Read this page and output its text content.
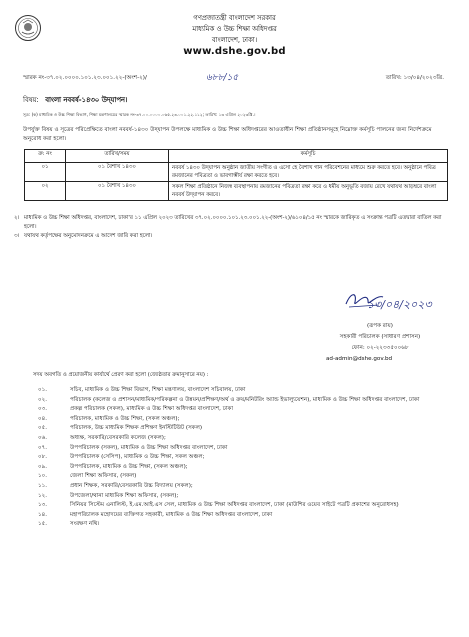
গণপ্রজাতন্ত্রী বাংলাদেশ সরকার
মাধ্যমিক ও উচ্চ শিক্ষা অধিদপ্তর
বাংলাদেশ, ঢাকা।
www.dshe.gov.bd
স্মারক নং-৩৭.০২.০০০০.১০১.২৩.০০১.২২-(অংশ-২)/	৬৮৮/১৫	তারিখ: ১৩/০৪/২০২৩খ্রি.
বিষয়: বাংলা নববর্ষ-১৪৩০ উদ্‌যাপন।
সূত্র: (ক) মাধ্যমিক ও উচ্চ শিক্ষা বিভাগ, শিক্ষা মন্ত্রণালয়ের স্মারক নং-৩৭.০০.০০০০.০৬৫.২৩.০০১.২২.১১২; তারিখ: ১৩ এপ্রিল ২০২৩খ্রি.।
উপর্যুক্ত বিষয় ও সূত্রের পরিপ্রেক্ষিতে বাংলা নববর্ষ-১৪৩০ উদ্‌যাপন উপলক্ষে মাধ্যমিক ও উচ্চ শিক্ষা অধিদপ্তরের আওতাধীন শিক্ষা প্রতিষ্ঠানসমূহে নিম্নোক্ত কর্মসূচি পালনের জন্য নির্দেশক্রমে অনুরোধ করা হলো।
ক্র: নং	তারিখ/সময়	কর্মসূচি
০১	০১ বৈশাখ ১৪৩০	নববর্ষ ১৪৩০ উদ্‌যাপন অনুষ্ঠান জাতীয় সংগীত ও এসো হে বৈশাখ গান পরিবেশনের মাধ্যমে শুরু করতে হবে। অনুষ্ঠানে পবিত্র রমজানের পবিত্রতা ও ভাবগাম্ভীর্য রক্ষা করতে হবে।
০২	০১ বৈশাখ ১৪৩০	সকল শিক্ষা প্রতিষ্ঠানে নিজস্ব ব্যবস্থাপনায় রমজানের পবিত্রতা রক্ষা করে ও ধর্মীয় অনুভূতি বজায় রেখে যথাযথ আড়ম্বরে বাংলা নববর্ষ উদ্‌যাপন করবে।
২। মাধ্যমিক ও উচ্চ শিক্ষা অধিদপ্তর, বাংলাদেশ, ঢাকা'র ১১ এপ্রিল ২০২৩ তারিখের ৩৭.০২.০০০০.১০১.২৩.০০১.২২-(অংশ-২)/৬১০৪/১৫ নং স্মারকে জারিকৃত এ সংক্রান্ত পত্রটি এতদ্বারা বাতিল করা হলো।
৩। যথাযথ কর্তৃপক্ষের অনুমোদনক্রমে এ আদেশ জারি করা হলো।
১৩/০৪/২০২৩
(রূপক রায়)
সহকারী পরিচালক (সাধারণ প্রশাসন)
ফোন: ০২-২২৩৩৫০০৬৮
ad-admin@dshe.gov.bd
সদয় অবগতি ও প্রয়োজনীয় কার্যার্থে প্রেরণ করা হলো (জ্যেষ্ঠতার ক্রমানুসারে নয়) :
০১.	সচিব, মাধ্যমিক ও উচ্চ শিক্ষা বিভাগ, শিক্ষা মন্ত্রণালয়, বাংলাদেশ সচিবালয়, ঢাকা
০২.	পরিচালক (কলেজ ও প্রশাসন/মাধ্যমিক/পরিকল্পনা ও উন্নয়ন/প্রশিক্ষণ/অর্থ ও ক্রয়/মনিটরিং অ্যান্ড ইভাল্যুয়েশন), মাধ্যমিক ও উচ্চ শিক্ষা অধিদপ্তর বাংলাদেশ, ঢাকা
০৩.	প্রকল্প পরিচালক (সকল), মাধ্যমিক ও উচ্চ শিক্ষা অধিদপ্তর বাংলাদেশ, ঢাকা
০৪.	পরিচালক, মাধ্যমিক ও উচ্চ শিক্ষা, (সকল অঞ্চল);
০৫.	পরিচালক, উচ্চ মাধ্যমিক শিক্ষক প্রশিক্ষণ ইনস্টিটিউট (সকল)
০৬.	অধ্যক্ষ, সরকারি/বেসরকারি কলেজ (সকল);
০৭.	উপপরিচালক (সকল), মাধ্যমিক ও উচ্চ শিক্ষা অধিদপ্তর বাংলাদেশ, ঢাকা
০৮.	উপপরিচালক (সেসিপ), মাধ্যমিক ও উচ্চ শিক্ষা, সকল অঞ্চল;
০৯.	উপপরিচালক, মাধ্যমিক ও উচ্চ শিক্ষা, (সকল অঞ্চল);
১০.	জেলা শিক্ষা অফিসার, (সকল)
১১.	প্রধান শিক্ষক, সরকারি/বেসরকারি উচ্চ বিদ্যালয় (সকল);
১২.	উপজেলা/থানা মাধ্যমিক শিক্ষা অফিসার, (সকল);
১৩.	সিনিয়র সিস্টেম এনালিস্ট, ই.এম.আই.এস সেল, মাধ্যমিক ও উচ্চ শিক্ষা অধিদপ্তর বাংলাদেশ, ঢাকা (মাউশির ওয়েব সাইটে পত্রটি প্রকাশের অনুরোধসহ)
১৪.	মহাপরিচালক মহোদয়ের ব্যক্তিগত সহকারী, মাধ্যমিক ও উচ্চ শিক্ষা অধিদপ্তর বাংলাদেশ, ঢাকা
১৫.	সংরক্ষণ নথি।
